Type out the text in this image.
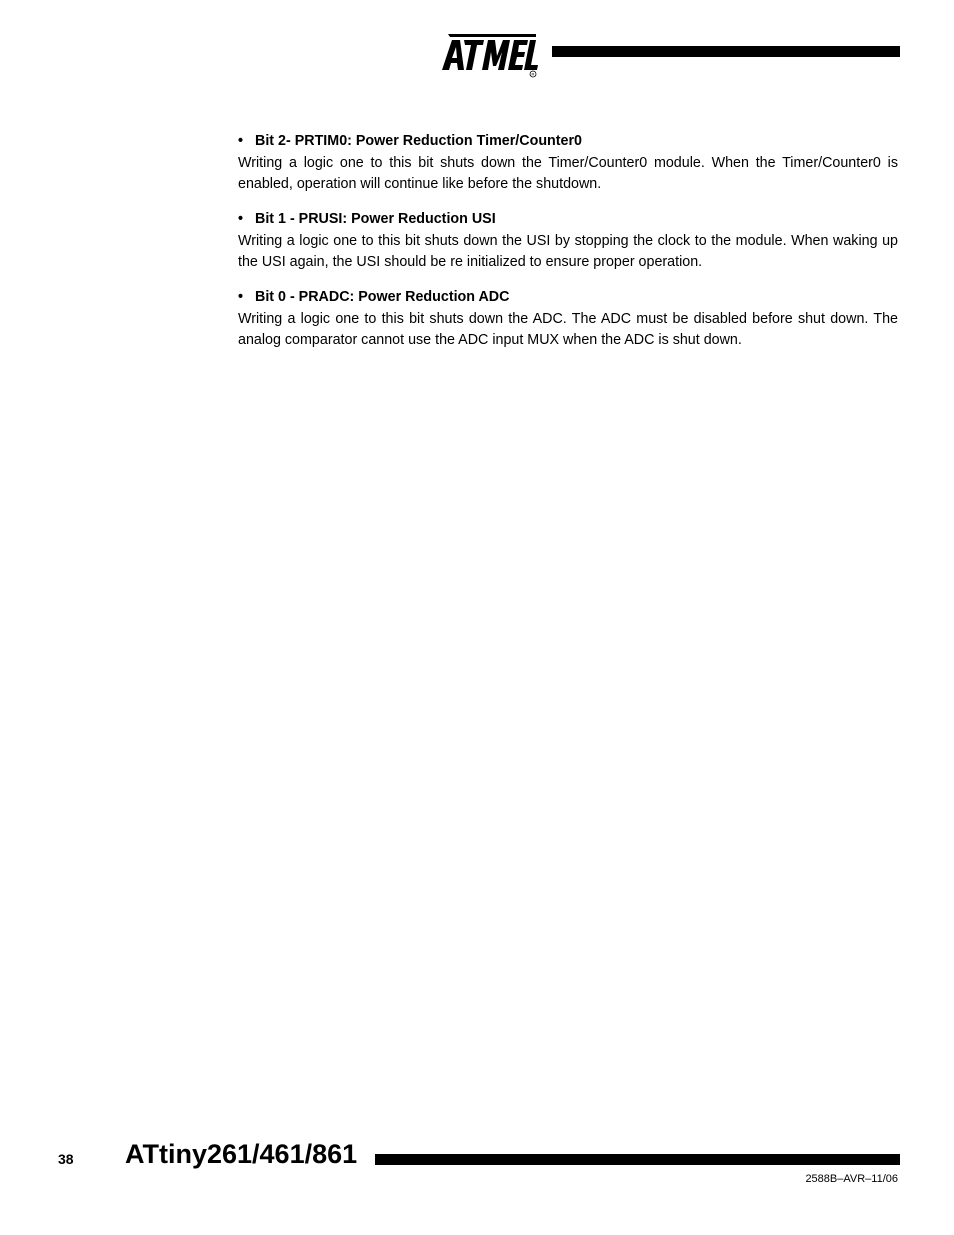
R

• Bit 2- PRTIM0: Power Reduction Timer/Counter0

Writing a logic one to this bit shuts down the Timer/Counter0 module. When the Timer/Counter0 is enabled, operation will continue like before the shutdown.

• Bit 1 - PRUSI: Power Reduction USI

Writing a logic one to this bit shuts down the USI by stopping the clock to the module. When waking up the USI again, the USI should be re initialized to ensure proper operation.

• Bit 0 - PRADC: Power Reduction ADC

Writing a logic one to this bit shuts down the ADC. The ADC must be disabled before shut down. The analog comparator cannot use the ADC input MUX when the ADC is shut down.

38 ATtiny261/461/861
2588B–AVR–11/06
